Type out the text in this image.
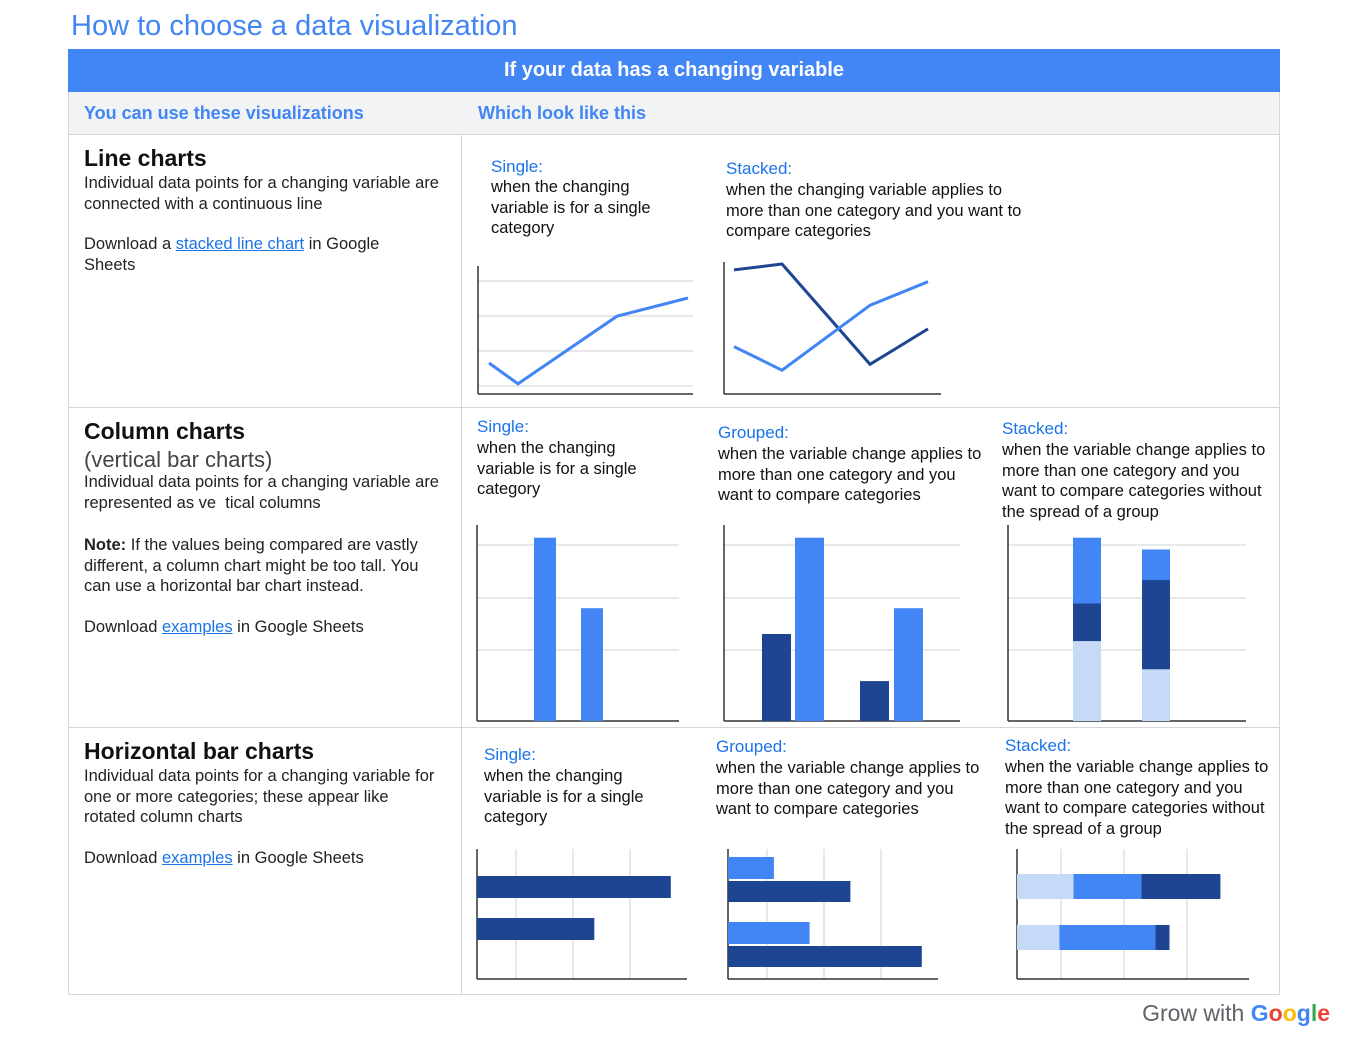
How to choose a data visualization
If your data has a changing variable
You can use these visualizations	Which look like this
Line charts
Individual data points for a changing variable are connected with a continuous line
Download a stacked line chart in Google Sheets
Single:
when the changing variable is for a single category
Stacked:
when the changing variable applies to more than one category and you want to compare categories
Column charts
(vertical bar charts)
Individual data points for a changing variable are represented as ve  tical columns
Note: If the values being compared are vastly different, a column chart might be too tall. You can use a horizontal bar chart instead.
Download examples in Google Sheets
Single:
when the changing variable is for a single category
Grouped:
when the variable change applies to more than one category and you want to compare categories
Stacked:
when the variable change applies to more than one category and you want to compare categories without the spread of a group
Horizontal bar charts
Individual data points for a changing variable for one or more categories; these appear like rotated column charts
Download examples in Google Sheets
Single:
when the changing variable is for a single category
Grouped:
when the variable change applies to more than one category and you want to compare categories
Stacked:
when the variable change applies to more than one category and you want to compare categories without the spread of a group
Grow with Google
